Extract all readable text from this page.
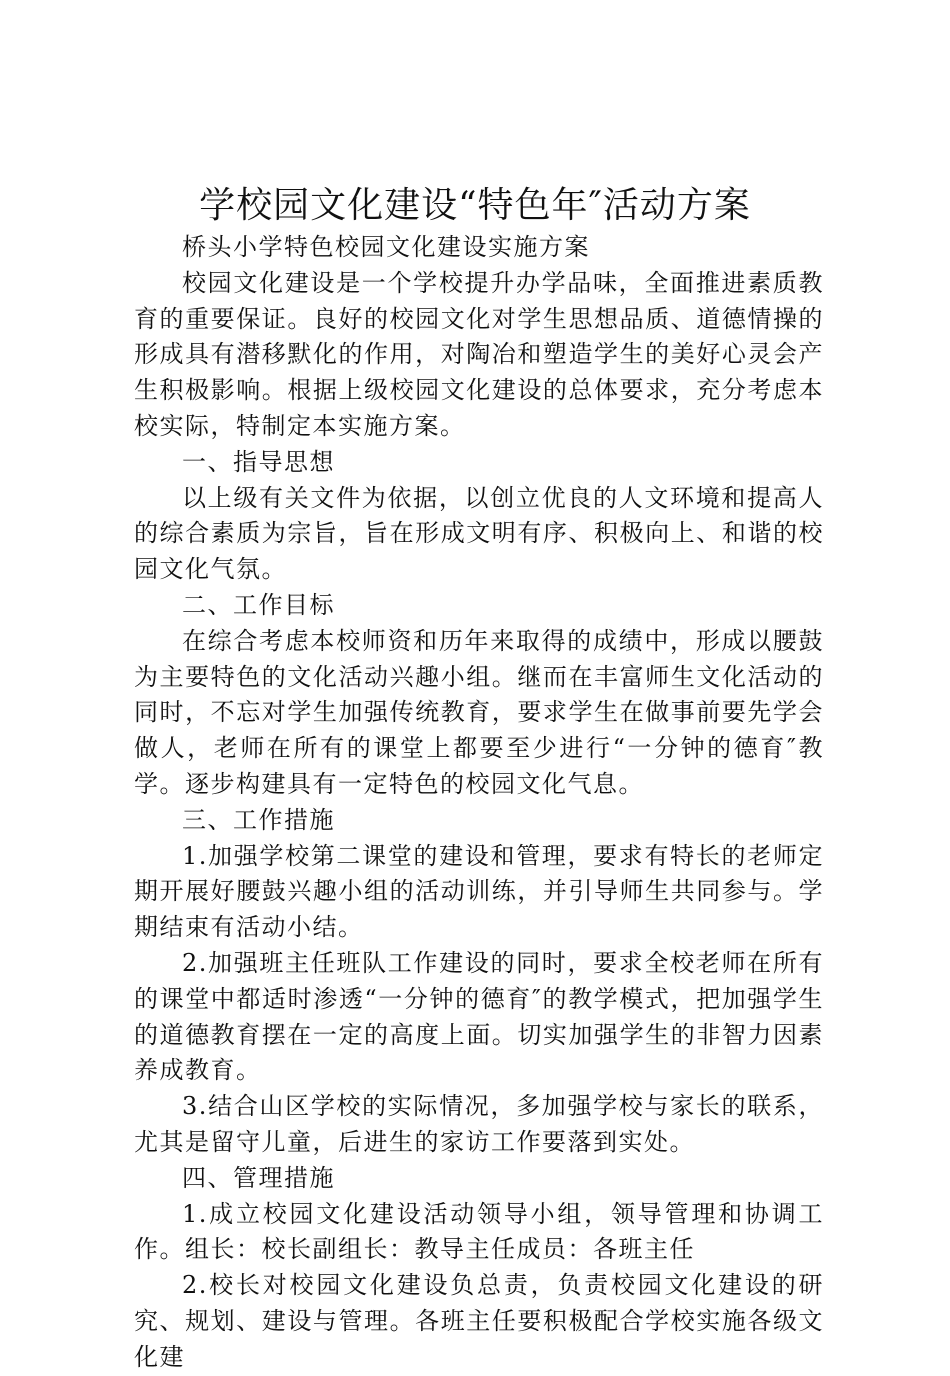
学校园文化建设“特色年″活动方案

桥头小学特色校园文化建设实施方案

校园文化建设是一个学校提升办学品味，全面推进素质教育的重要保证。良好的校园文化对学生思想品质、道德情操的形成具有潜移默化的作用，对陶冶和塑造学生的美好心灵会产生积极影响。根据上级校园文化建设的总体要求，充分考虑本校实际，特制定本实施方案。

一、指导思想

以上级有关文件为依据，以创立优良的人文环境和提高人的综合素质为宗旨，旨在形成文明有序、积极向上、和谐的校园文化气氛。

二、工作目标

在综合考虑本校师资和历年来取得的成绩中，形成以腰鼓为主要特色的文化活动兴趣小组。继而在丰富师生文化活动的同时，不忘对学生加强传统教育，要求学生在做事前要先学会做人，老师在所有的课堂上都要至少进行“一分钟的德育″教学。逐步构建具有一定特色的校园文化气息。

三、工作措施

1.加强学校第二课堂的建设和管理，要求有特长的老师定期开展好腰鼓兴趣小组的活动训练，并引导师生共同参与。学期结束有活动小结。

2.加强班主任班队工作建设的同时，要求全校老师在所有的课堂中都适时渗透“一分钟的德育″的教学模式，把加强学生的道德教育摆在一定的高度上面。切实加强学生的非智力因素养成教育。

3.结合山区学校的实际情况，多加强学校与家长的联系，尤其是留守儿童，后进生的家访工作要落到实处。

四、管理措施

1.成立校园文化建设活动领导小组，领导管理和协调工作。组长：校长副组长：教导主任成员：各班主任

2.校长对校园文化建设负总责，负责校园文化建设的研究、规划、建设与管理。各班主任要积极配合学校实施各级文化建
